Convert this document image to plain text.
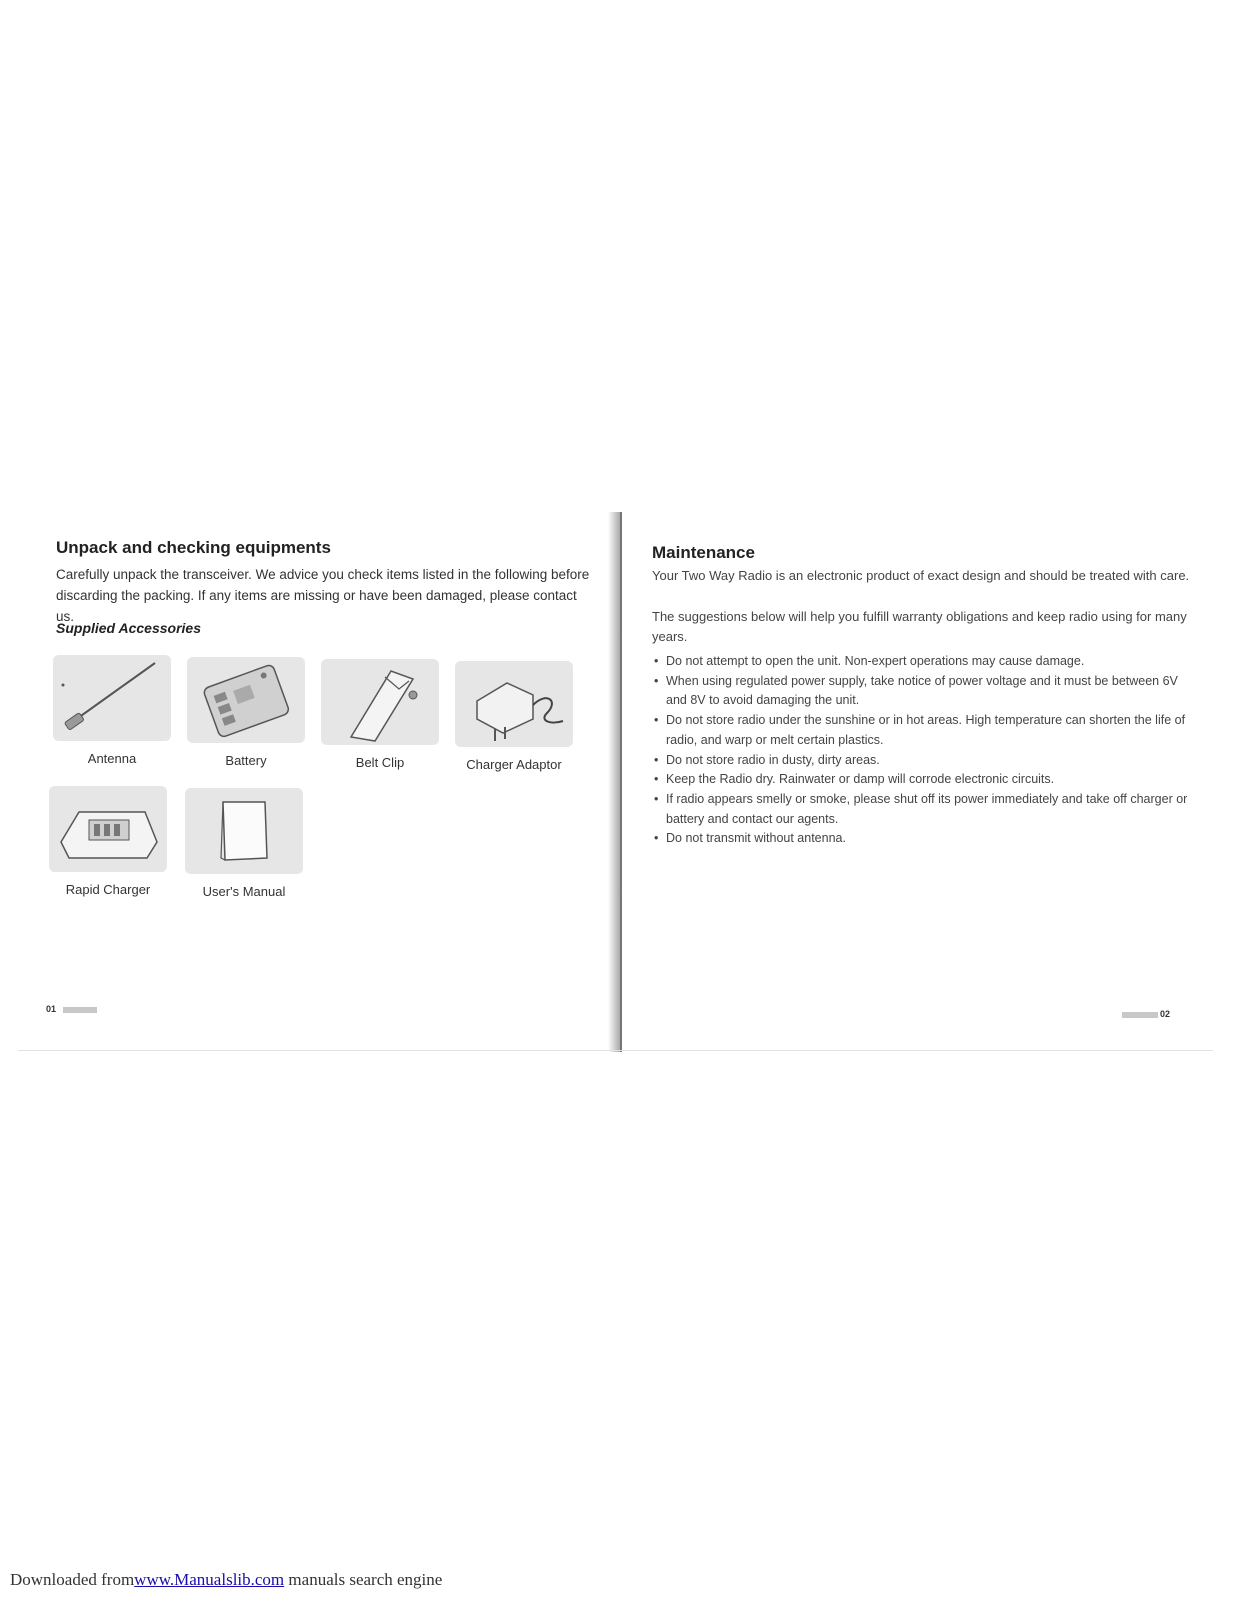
Unpack and checking equipments

Carefully unpack the transceiver. We advice you check items listed in the following before discarding the packing. If any items are missing or have been damaged, please contact us.

Supplied Accessories
Antenna	Battery	Belt Clip	Charger Adaptor
Rapid Charger	User's Manual
01
Maintenance

Your Two Way Radio is an electronic product of exact design and should be treated with care.

The suggestions below will help you fulfill warranty obligations and keep radio using for many years.

• Do not attempt to open the unit. Non-expert operations may cause damage.
• When using regulated power supply, take notice of power voltage and it must be between 6V and 8V to avoid damaging the unit.
• Do not store radio under the sunshine or in hot areas. High temperature can shorten the life of radio, and warp or melt certain plastics.
• Do not store radio in dusty, dirty areas.
• Keep the Radio dry. Rainwater or damp will corrode electronic circuits.
• If radio appears smelly or smoke, please shut off its power immediately and take off charger or battery and contact our agents.
• Do not transmit without antenna.
02
Downloaded fromwww.Manualslib.com manuals search engine
